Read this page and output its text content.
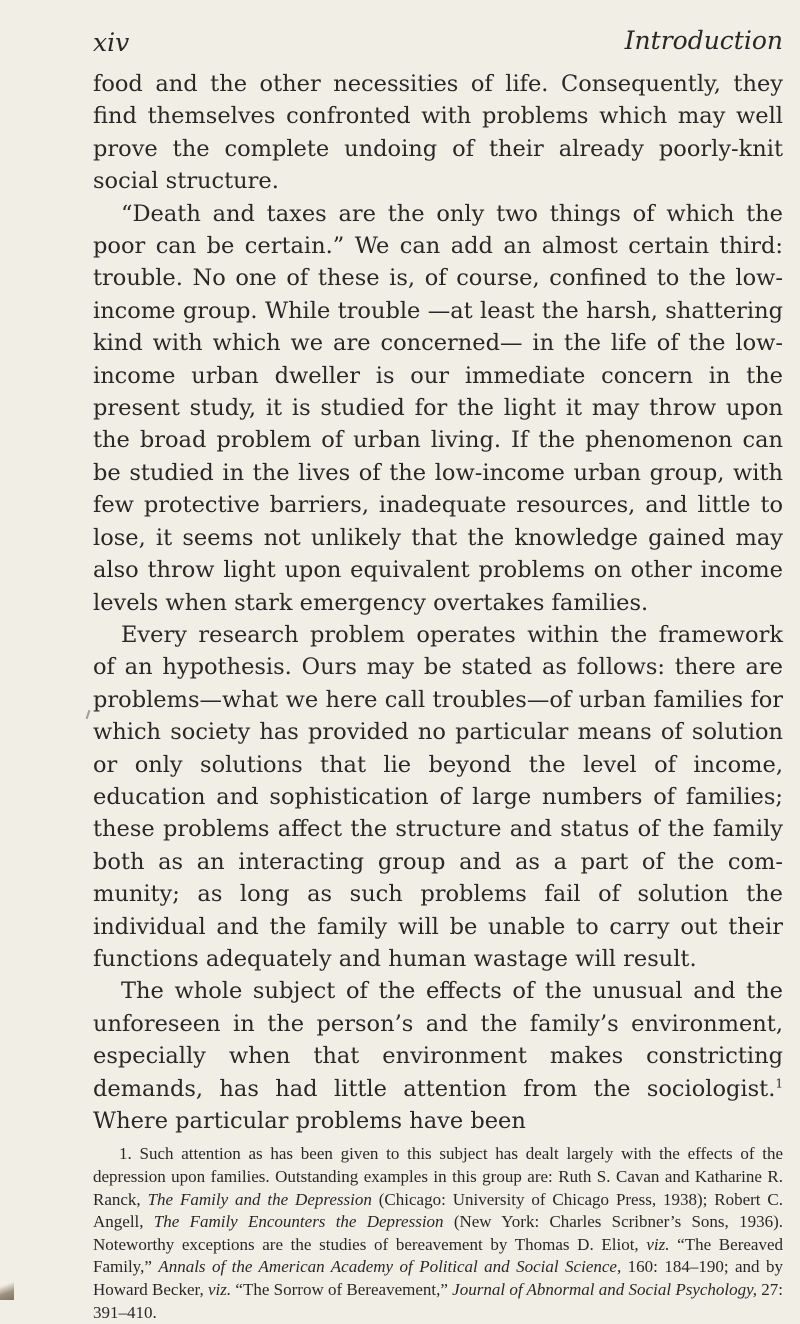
xiv	Introduction

food and the other necessities of life. Consequently, they find themselves confronted with problems which may well prove the complete undoing of their already poorly-knit social structure.

“Death and taxes are the only two things of which the poor can be certain.” We can add an almost certain third: trouble. No one of these is, of course, confined to the low-income group. While trouble —at least the harsh, shattering kind with which we are concerned— in the life of the low-income urban dweller is our immediate concern in the present study, it is studied for the light it may throw upon the broad problem of urban living. If the phenomenon can be studied in the lives of the low-income urban group, with few protective barriers, inadequate resources, and little to lose, it seems not unlikely that the knowledge gained may also throw light upon equivalent problems on other income levels when stark emergency overtakes families.

Every research problem operates within the framework of an hypothesis. Ours may be stated as follows: there are problems—what we here call troubles—of urban families for which society has provided no particular means of solution or only solutions that lie beyond the level of income, education and sophistication of large numbers of families; these problems affect the structure and status of the family both as an interacting group and as a part of the community; as long as such problems fail of solution the individual and the family will be unable to carry out their functions adequately and human wastage will result.

The whole subject of the effects of the unusual and the unforeseen in the person’s and the family’s environment, especially when that environment makes constricting demands, has had little attention from the sociologist.$^1$ Where particular problems have been

1. Such attention as has been given to this subject has dealt largely with the effects of the depression upon families. Outstanding examples in this group are: Ruth S. Cavan and Katharine R. Ranck, The Family and the Depression (Chicago: University of Chicago Press, 1938); Robert C. Angell, The Family Encounters the Depression (New York: Charles Scribner’s Sons, 1936). Noteworthy exceptions are the studies of bereavement by Thomas D. Eliot, viz. “The Bereaved Family,” Annals of the American Academy of Political and Social Science, 160: 184–190; and by Howard Becker, viz. “The Sorrow of Bereavement,” Journal of Abnormal and Social Psychology, 27: 391–410.
